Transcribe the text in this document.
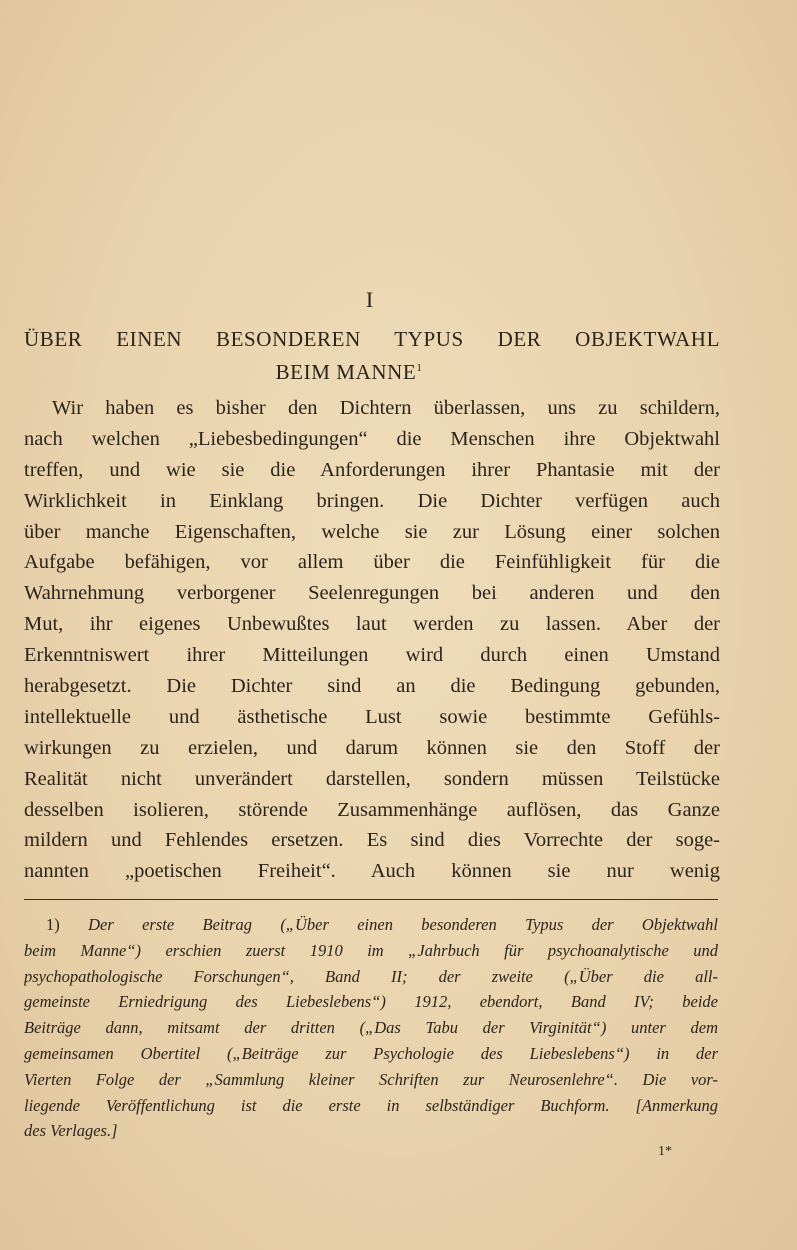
I
ÜBER EINEN BESONDEREN TYPUS DER OBJEKTWAHL
BEIM MANNE$^1$
Wir haben es bisher den Dichtern überlassen, uns zu schildern,
nach welchen „Liebesbedingungen“ die Menschen ihre Objektwahl
treffen, und wie sie die Anforderungen ihrer Phantasie mit der
Wirklichkeit in Einklang bringen. Die Dichter verfügen auch
über manche Eigenschaften, welche sie zur Lösung einer solchen
Aufgabe befähigen, vor allem über die Feinfühligkeit für die
Wahrnehmung verborgener Seelenregungen bei anderen und den
Mut, ihr eigenes Unbewußtes laut werden zu lassen. Aber der
Erkenntniswert ihrer Mitteilungen wird durch einen Umstand
herabgesetzt. Die Dichter sind an die Bedingung gebunden,
intellektuelle und ästhetische Lust sowie bestimmte Gefühls-
wirkungen zu erzielen, und darum können sie den Stoff der
Realität nicht unverändert darstellen, sondern müssen Teilstücke
desselben isolieren, störende Zusammenhänge auflösen, das Ganze
mildern und Fehlendes ersetzen. Es sind dies Vorrechte der soge-
nannten „poetischen Freiheit“. Auch können sie nur wenig
1) Der erste Beitrag („Über einen besonderen Typus der Objektwahl
beim Manne“) erschien zuerst 1910 im „Jahrbuch für psychoanalytische und
psychopathologische Forschungen“, Band II; der zweite („Über die all-
gemeinste Erniedrigung des Liebeslebens“) 1912, ebendort, Band IV; beide
Beiträge dann, mitsamt der dritten („Das Tabu der Virginität“) unter dem
gemeinsamen Obertitel („Beiträge zur Psychologie des Liebeslebens“) in der
Vierten Folge der „Sammlung kleiner Schriften zur Neurosenlehre“. Die vor-
liegende Veröffentlichung ist die erste in selbständiger Buchform. [Anmerkung
des Verlages.]
1*
